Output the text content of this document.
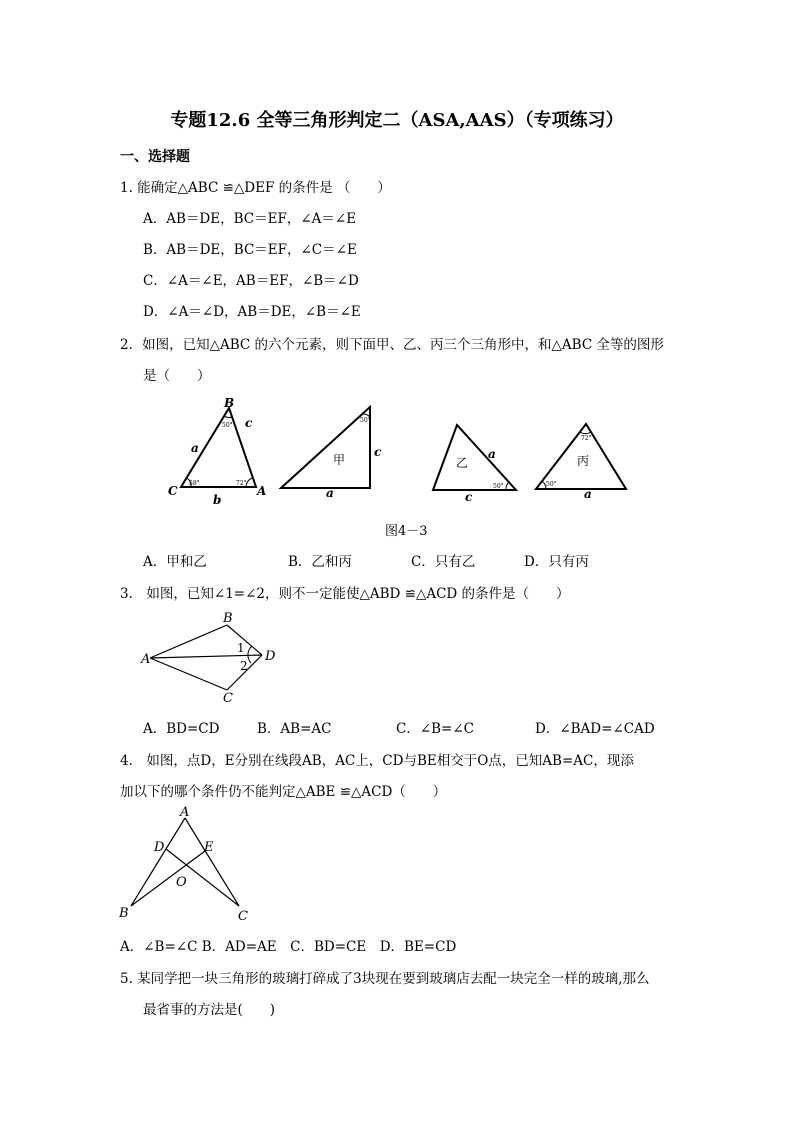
专题12.6 全等三角形判定二（ASA,AAS）（专项练习）
一、选择题
1. 能确定△ABC ≌△DEF 的条件是 （　　）
A．AB＝DE，BC＝EF，∠A＝∠E
B．AB＝DE，BC＝EF，∠C＝∠E
C．∠A＝∠E，AB＝EF，∠B＝∠D
D．∠A＝∠D，AB＝DE，∠B＝∠E
2．如图，已知△ABC 的六个元素，则下面甲、乙、丙三个三角形中，和△ABC 全等的图形
是（　　）
B
C	A
a
c
b
50°
58°	72°
50°
甲
c
a	50°
乙
a
c
72°
50°
丙
a
图4－3
A．甲和乙	B．乙和丙	C．只有乙	D．只有丙
3． 如图，已知∠1=∠2，则不一定能使△ABD ≌△ACD 的条件是（　　）
A
B
C
D
1
2
A．BD=CD	B．AB=AC	C．∠B=∠C	D．∠BAD=∠CAD
4． 如图，点D，E分别在线段AB，AC上，CD与BE相交于O点，已知AB=AC，现添
加以下的哪个条件仍不能判定△ABE ≌△ACD（　　）
A
D	E
O
B	C
A．∠B=∠C B．AD=AE　C．BD=CE　D．BE=CD
5. 某同学把一块三角形的玻璃打碎成了3块现在要到玻璃店去配一块完全一样的玻璃,那么
最省事的方法是(　　)
